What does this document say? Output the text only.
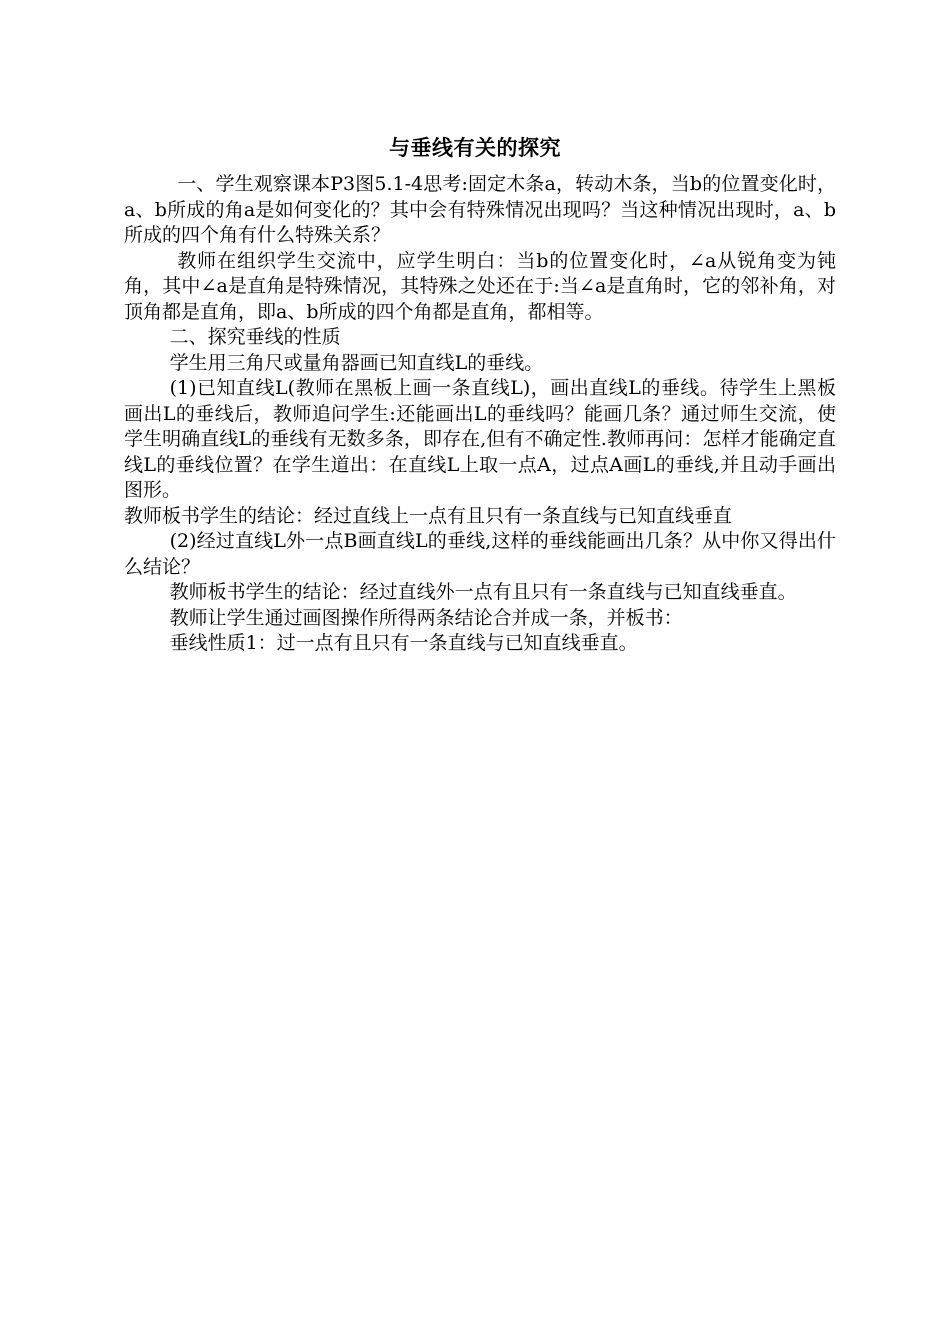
与垂线有关的探究

一、学生观察课本P3图5.1-4思考:固定木条a，转动木条，当b的位置变化时，a、b所成的角a是如何变化的？其中会有特殊情况出现吗？当这种情况出现时，a、b所成的四个角有什么特殊关系？

教师在组织学生交流中，应学生明白：当b的位置变化时，∠a从锐角变为钝角，其中∠a是直角是特殊情况，其特殊之处还在于:当∠a是直角时，它的邻补角，对顶角都是直角，即a、b所成的四个角都是直角，都相等。

二、探究垂线的性质

学生用三角尺或量角器画已知直线L的垂线。

(1)已知直线L(教师在黑板上画一条直线L)，画出直线L的垂线。待学生上黑板画出L的垂线后，教师追问学生:还能画出L的垂线吗？能画几条？通过师生交流，使学生明确直线L的垂线有无数多条，即存在,但有不确定性.教师再问：怎样才能确定直线L的垂线位置？在学生道出：在直线L上取一点A，过点A画L的垂线,并且动手画出图形。

教师板书学生的结论：经过直线上一点有且只有一条直线与已知直线垂直

(2)经过直线L外一点B画直线L的垂线,这样的垂线能画出几条？从中你又得出什么结论？

教师板书学生的结论：经过直线外一点有且只有一条直线与已知直线垂直。

教师让学生通过画图操作所得两条结论合并成一条，并板书：

垂线性质1：过一点有且只有一条直线与已知直线垂直。
